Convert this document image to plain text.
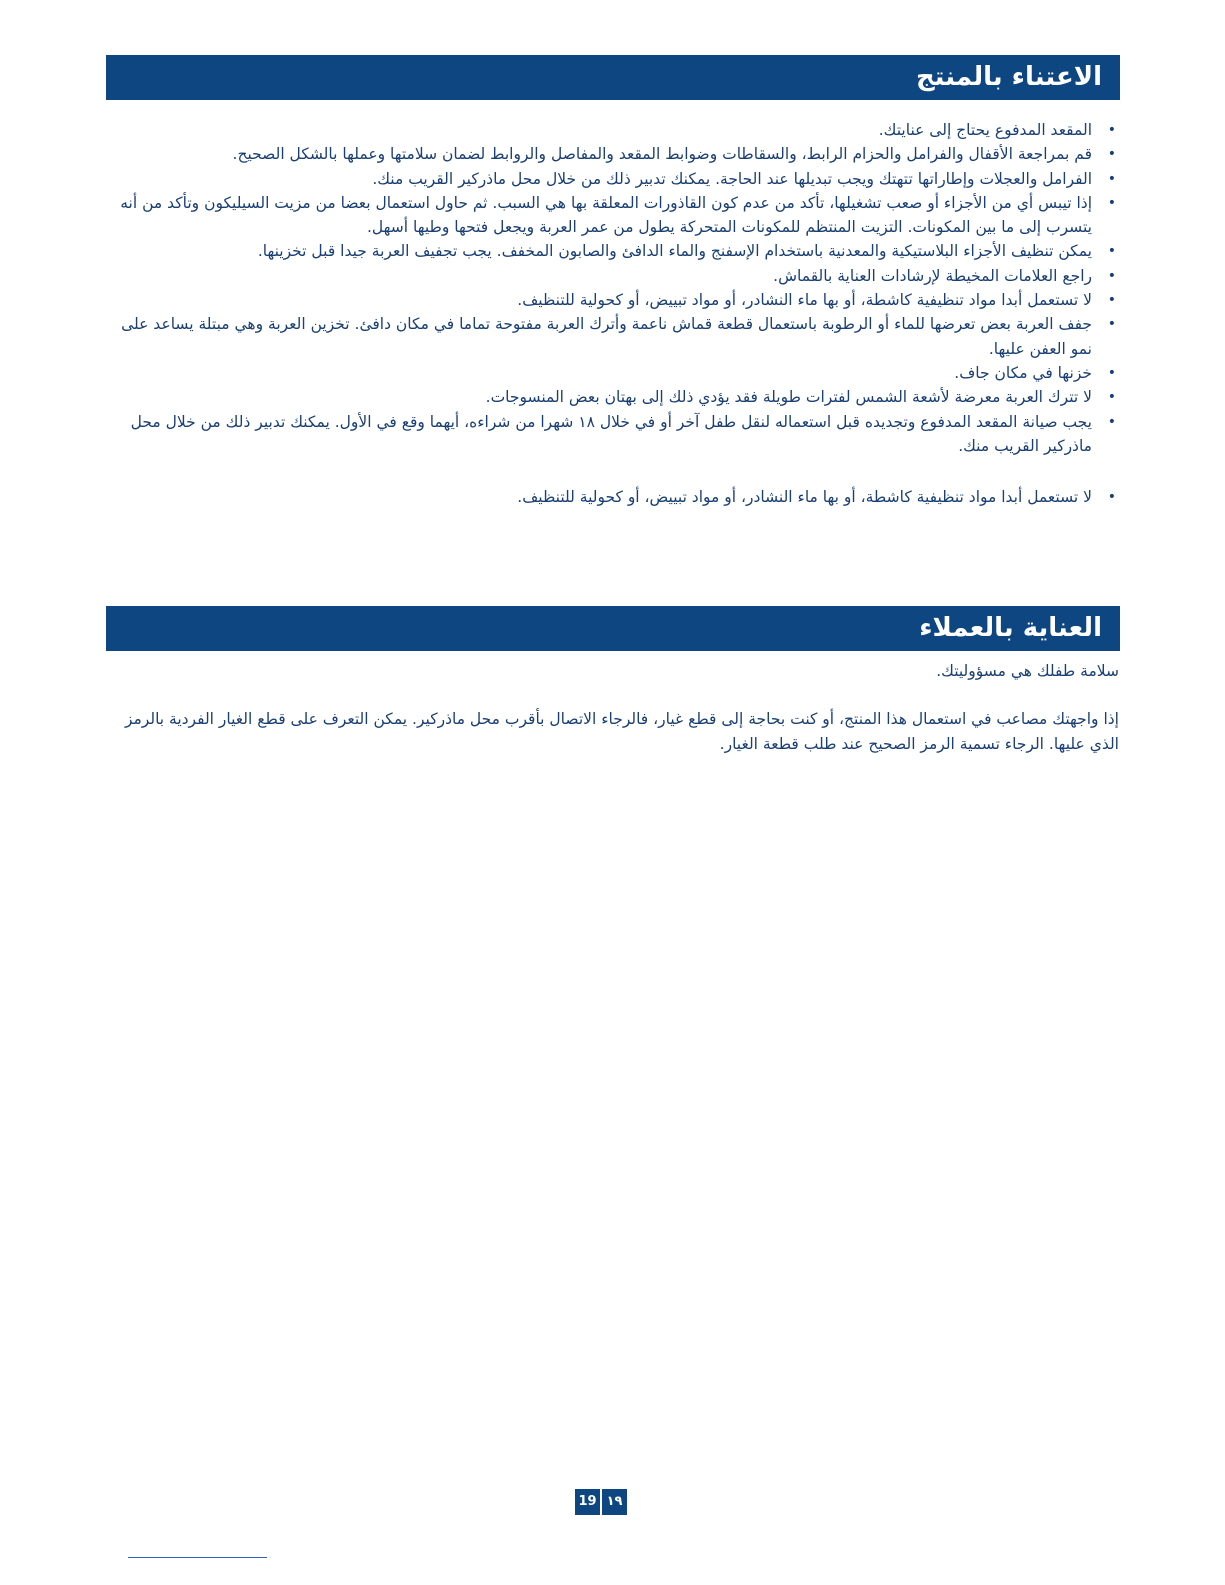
الاعتناء بالمنتج
• المقعد المدفوع يحتاج إلى عنايتك.
• قم بمراجعة الأقفال والفرامل والحزام الرابط، والسقاطات وضوابط المقعد والمفاصل والروابط لضمان سلامتها وعملها بالشكل الصحيح.
• الفرامل والعجلات وإطاراتها تتهتك ويجب تبديلها عند الحاجة. يمكنك تدبير ذلك من خلال محل ماذركير القريب منك.
• إذا تيبس أي من الأجزاء أو صعب تشغيلها، تأكد من عدم كون القاذورات المعلقة بها هي السبب. ثم حاول استعمال بعضا من مزيت السيليكون وتأكد من أنه يتسرب إلى ما بين المكونات. التزيت المنتظم للمكونات المتحركة يطول من عمر العربة ويجعل فتحها وطيها أسهل.
• يمكن تنظيف الأجزاء البلاستيكية والمعدنية باستخدام الإسفنج والماء الدافئ والصابون المخفف. يجب تجفيف العربة جيدا قبل تخزينها.
• راجع العلامات المخيطة لإرشادات العناية بالقماش.
• لا تستعمل أبدا مواد تنظيفية كاشطة، أو بها ماء النشادر، أو مواد تبييض، أو كحولية للتنظيف.
• جفف العربة بعض تعرضها للماء أو الرطوبة باستعمال قطعة قماش ناعمة وأترك العربة مفتوحة تماما في مكان دافئ. تخزين العربة وهي مبتلة يساعد على نمو العفن عليها.
• خزنها في مكان جاف.
• لا تترك العربة معرضة لأشعة الشمس لفترات طويلة فقد يؤدي ذلك إلى بهتان بعض المنسوجات.
• يجب صيانة المقعد المدفوع وتجديده قبل استعماله لنقل طفل آخر أو في خلال ١٨ شهرا من شراءه، أيهما وقع في الأول. يمكنك تدبير ذلك من خلال محل ماذركير القريب منك.
• لا تستعمل أبدا مواد تنظيفية كاشطة، أو بها ماء النشادر، أو مواد تبييض، أو كحولية للتنظيف.
العناية بالعملاء
سلامة طفلك هي مسؤوليتك.
إذا واجهتك مصاعب في استعمال هذا المنتج، أو كنت بحاجة إلى قطع غيار، فالرجاء الاتصال بأقرب محل ماذركير. يمكن التعرف على قطع الغيار الفردية بالرمز الذي عليها. الرجاء تسمية الرمز الصحيح عند طلب قطعة الغيار.
19 ١٩
